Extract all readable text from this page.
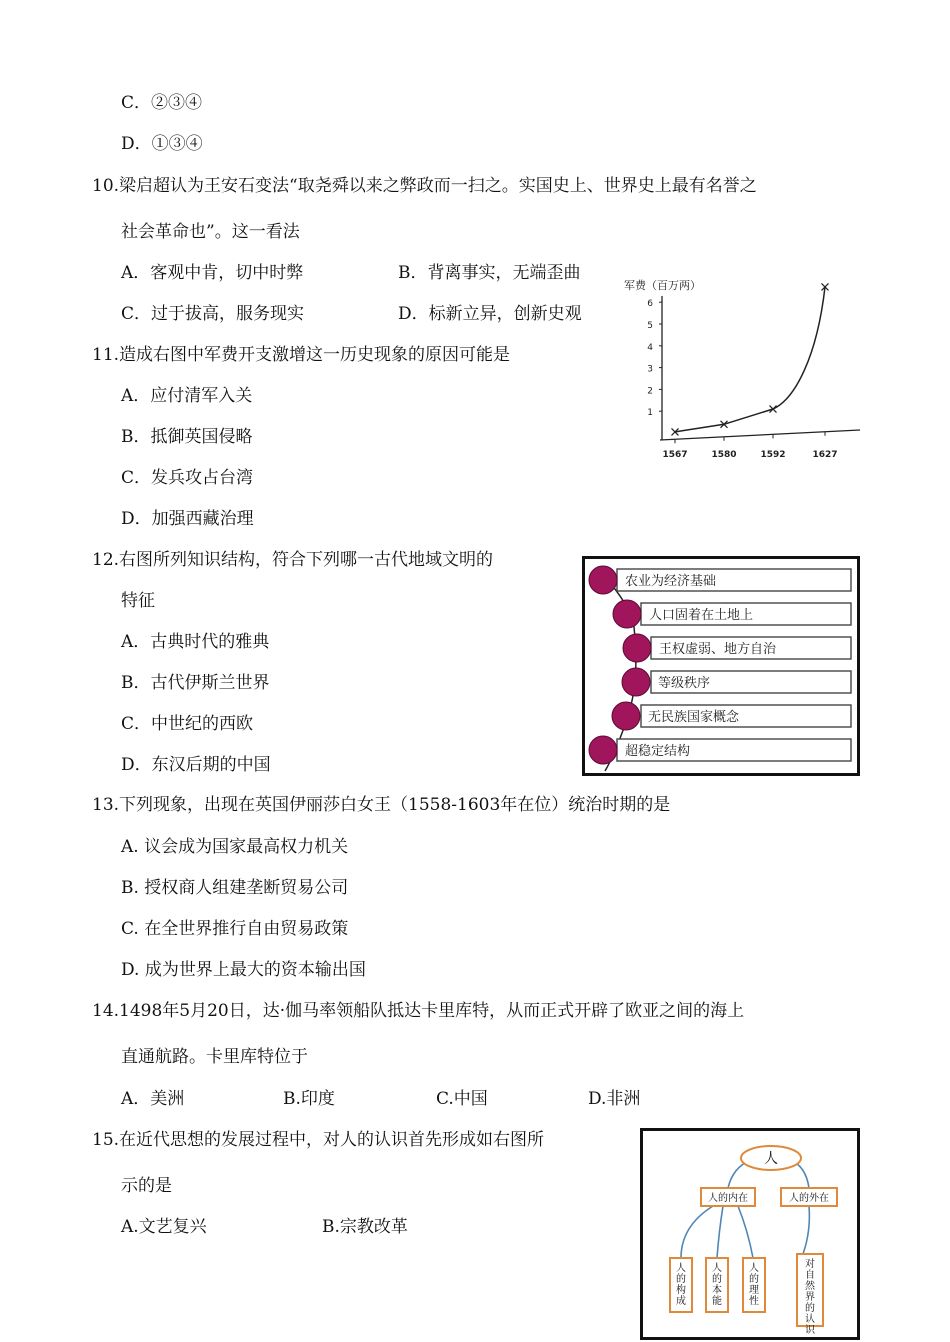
C．②③④
D．①③④
10.梁启超认为王安石变法“取尧舜以来之弊政而一扫之。实国史上、世界史上最有名誉之
社会革命也”。这一看法
A．客观中肯，切中时弊	B．背离事实，无端歪曲
C．过于拔高，服务现实	D．标新立异，创新史观
11.造成右图中军费开支激增这一历史现象的原因可能是
A．应付清军入关
B．抵御英国侵略
C．发兵攻占台湾
D．加强西藏治理
军费（百万两）
1
2
3
4
5
6
1567	1580	1592	1627
12.右图所列知识结构，符合下列哪一古代地域文明的
特征
A．古典时代的雅典
B．古代伊斯兰世界
C．中世纪的西欧
D．东汉后期的中国
农业为经济基础
人口固着在土地上
王权虚弱、地方自治
等级秩序
无民族国家概念
超稳定结构
13.下列现象，出现在英国伊丽莎白女王（1558-1603年在位）统治时期的是
A. 议会成为国家最高权力机关
B. 授权商人组建垄断贸易公司
C. 在全世界推行自由贸易政策
D. 成为世界上最大的资本输出国
14.1498年5月20日，达·伽马率领船队抵达卡里库特，从而正式开辟了欧亚之间的海上
直通航路。卡里库特位于
A．美洲	B.印度	C.中国	D.非洲
15.在近代思想的发展过程中，对人的认识首先形成如右图所
示的是
A.文艺复兴	B.宗教改革
人
人的内在	人的外在
人
的
构
成
人
的
本
能
人
的
理
性
对
自
然
界
的
认
识
